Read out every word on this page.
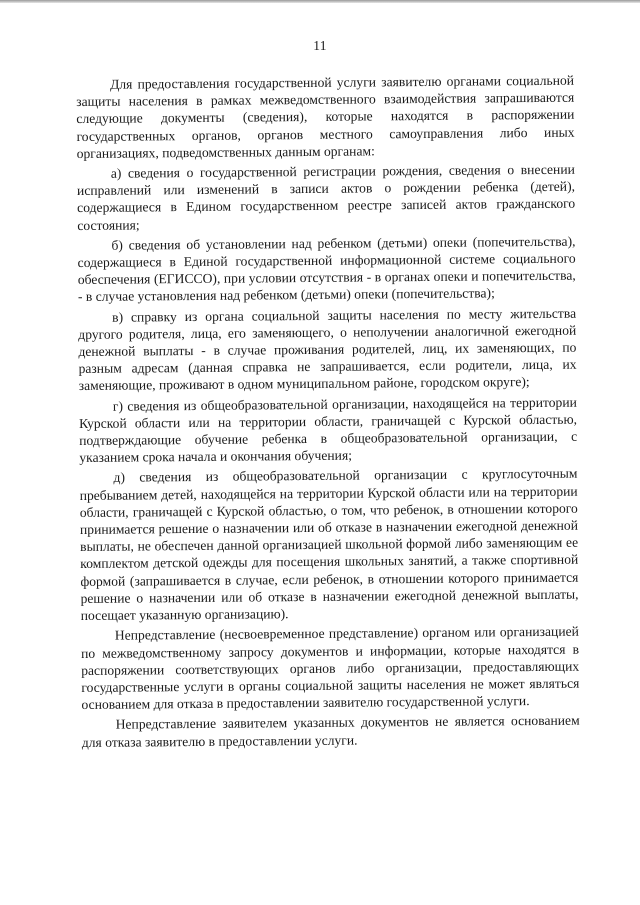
11

Для предоставления государственной услуги заявителю органами социальной защиты населения в рамках межведомственного взаимодействия запрашиваются следующие документы (сведения), которые находятся в распоряжении государственных органов, органов местного самоуправления либо иных организациях, подведомственных данным органам:

а) сведения о государственной регистрации рождения, сведения о внесении исправлений или изменений в записи актов о рождении ребенка (детей), содержащиеся в Едином государственном реестре записей актов гражданского состояния;

б) сведения об установлении над ребенком (детьми) опеки (попечительства), содержащиеся в Единой государственной информационной системе социального обеспечения (ЕГИССО), при условии отсутствия - в органах опеки и попечительства, - в случае установления над ребенком (детьми) опеки (попечительства);

в) справку из органа социальной защиты населения по месту жительства другого родителя, лица, его заменяющего, о неполучении аналогичной ежегодной денежной выплаты - в случае проживания родителей, лиц, их заменяющих, по разным адресам (данная справка не запрашивается, если родители, лица, их заменяющие, проживают в одном муниципальном районе, городском округе);

г) сведения из общеобразовательной организации, находящейся на территории Курской области или на территории области, граничащей с Курской областью, подтверждающие обучение ребенка в общеобразовательной организации, с указанием срока начала и окончания обучения;

д) сведения из общеобразовательной организации с круглосуточным пребыванием детей, находящейся на территории Курской области или на территории области, граничащей с Курской областью, о том, что ребенок, в отношении которого принимается решение о назначении или об отказе в назначении ежегодной денежной выплаты, не обеспечен данной организацией школьной формой либо заменяющим ее комплектом детской одежды для посещения школьных занятий, а также спортивной формой (запрашивается в случае, если ребенок, в отношении которого принимается решение о назначении или об отказе в назначении ежегодной денежной выплаты, посещает указанную организацию).

Непредставление (несвоевременное представление) органом или организацией по межведомственному запросу документов и информации, которые находятся в распоряжении соответствующих органов либо организации, предоставляющих государственные услуги в органы социальной защиты населения не может являться основанием для отказа в предоставлении заявителю государственной услуги.

Непредставление заявителем указанных документов не является основанием для отказа заявителю в предоставлении услуги.
